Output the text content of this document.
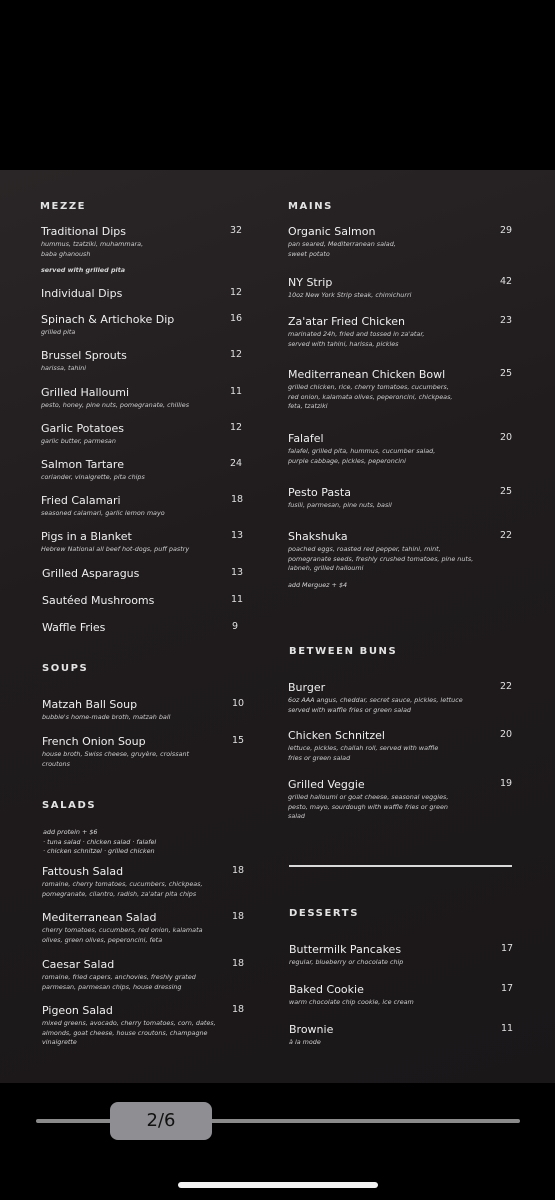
MEZZE
Traditional Dips	32
hummus, tzatziki, muhammara,
baba ghanoush
served with grilled pita
Individual Dips	12
Spinach & Artichoke Dip	16
grilled pita
Brussel Sprouts	12
harissa, tahini
Grilled Halloumi	11
pesto, honey, pine nuts, pomegranate, chillies
Garlic Potatoes	12
garlic butter, parmesan
Salmon Tartare	24
coriander, vinaigrette, pita chips
Fried Calamari	18
seasoned calamari, garlic lemon mayo
Pigs in a Blanket	13
Hebrew National all beef hot-dogs, puff pastry
Grilled Asparagus	13
Sautéed Mushrooms	11
Waffle Fries	9
SOUPS
Matzah Ball Soup	10
bubbie's home-made broth, matzah ball
French Onion Soup	15
house broth, Swiss cheese, gruyère, croissant
croutons
SALADS
add protein + $6
· tuna salad · chicken salad · falafel
· chicken schnitzel · grilled chicken
Fattoush Salad	18
romaine, cherry tomatoes, cucumbers, chickpeas,
pomegranate, cilantro, radish, za'atar pita chips
Mediterranean Salad	18
cherry tomatoes, cucumbers, red onion, kalamata
olives, green olives, peperoncini, feta
Caesar Salad	18
romaine, fried capers, anchovies, freshly grated
parmesan, parmesan chips, house dressing
Pigeon Salad	18
mixed greens, avocado, cherry tomatoes, corn, dates,
almonds, goat cheese, house croutons, champagne
vinaigrette
MAINS
Organic Salmon	29
pan seared, Mediterranean salad,
sweet potato
NY Strip	42
10oz New York Strip steak, chimichurri
Za'atar Fried Chicken	23
marinated 24h, fried and tossed in za'atar,
served with tahini, harissa, pickles
Mediterranean Chicken Bowl	25
grilled chicken, rice, cherry tomatoes, cucumbers,
red onion, kalamata olives, peperoncini, chickpeas,
feta, tzatziki
Falafel	20
falafel, grilled pita, hummus, cucumber salad,
purple cabbage, pickles, peperoncini
Pesto Pasta	25
fusili, parmesan, pine nuts, basil
Shakshuka	22
poached eggs, roasted red pepper, tahini, mint,
pomegranate seeds, freshly crushed tomatoes, pine nuts,
labneh, grilled halloumi
add Merguez + $4
BETWEEN BUNS
Burger	22
6oz AAA angus, cheddar, secret sauce, pickles, lettuce
served with waffle fries or green salad
Chicken Schnitzel	20
lettuce, pickles, challah roll, served with waffle
fries or green salad
Grilled Veggie	19
grilled halloumi or goat cheese, seasonal veggies,
pesto, mayo, sourdough with waffle fries or green
salad
DESSERTS
Buttermilk Pancakes	17
regular, blueberry or chocolate chip
Baked Cookie	17
warm chocolate chip cookie, ice cream
Brownie	11
à la mode
2/6
